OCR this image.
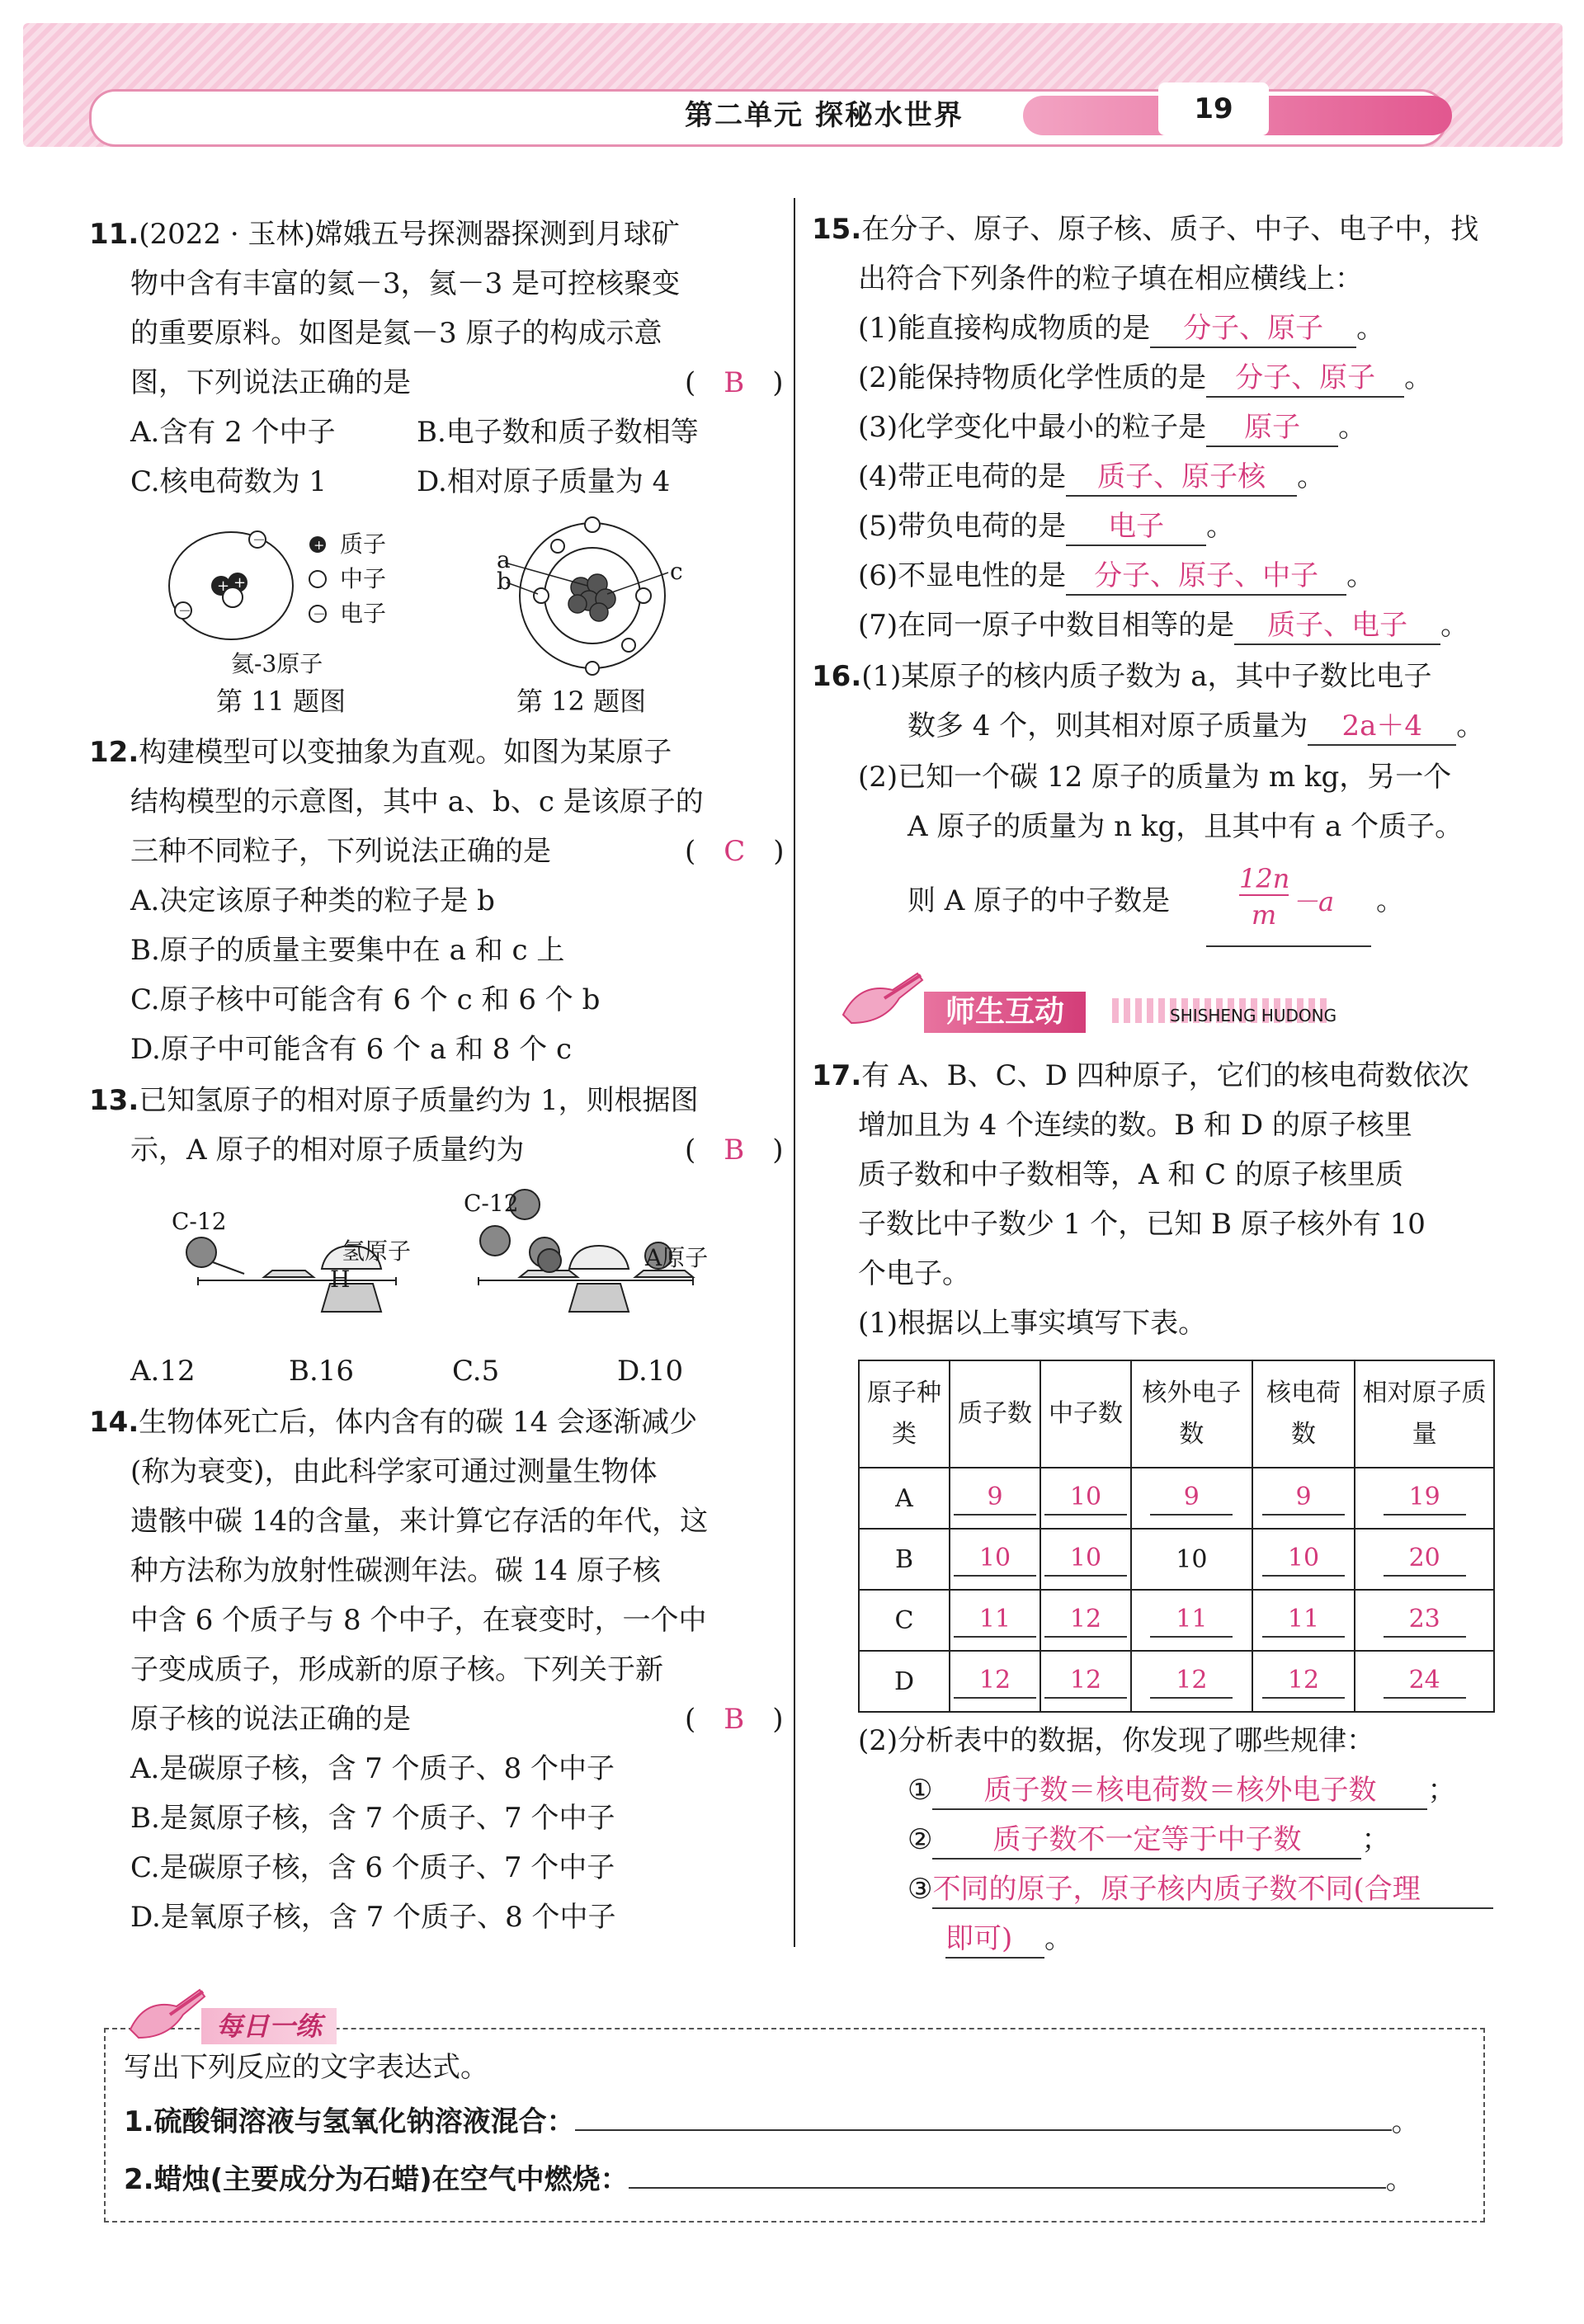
第二单元 探秘水世界	19
11.(2022 · 玉林)嫦娥五号探测器探测到月球矿
物中含有丰富的氦－3，氦－3 是可控核聚变
的重要原料。如图是氦－3 原子的构成示意
图，下列说法正确的是	(　B　)
A.含有 2 个中子	B.电子数和质子数相等
C.核电荷数为 1	D.相对原子质量为 4
+ +
－
－	+
－
质子
中子
电子
氦-3原子
第 11 题图
a
b	c
第 12 题图
12.构建模型可以变抽象为直观。如图为某原子
结构模型的示意图，其中 a、b、c 是该原子的
三种不同粒子，下列说法正确的是	(　C　)
A.决定该原子种类的粒子是 b
B.原子的质量主要集中在 a 和 c 上
C.原子核中可能含有 6 个 c 和 6 个 b
D.原子中可能含有 6 个 a 和 8 个 c
13.已知氢原子的相对原子质量约为 1，则根据图
示，A 原子的相对原子质量约为	(　B　)
C-12
氢原子
H
C-12
A原子
A.12	B.16	C.5	D.10
14.生物体死亡后，体内含有的碳 14 会逐渐减少
(称为衰变)，由此科学家可通过测量生物体
遗骸中碳 14的含量，来计算它存活的年代，这
种方法称为放射性碳测年法。碳 14 原子核
中含 6 个质子与 8 个中子，在衰变时，一个中
子变成质子，形成新的原子核。下列关于新
原子核的说法正确的是	(　B　)
A.是碳原子核，含 7 个质子、8 个中子
B.是氮原子核，含 7 个质子、7 个中子
C.是碳原子核，含 6 个质子、7 个中子
D.是氧原子核，含 7 个质子、8 个中子
15.在分子、原子、原子核、质子、中子、电子中，找
出符合下列条件的粒子填在相应横线上：
(1)能直接构成物质的是 分子、原子 。
(2)能保持物质化学性质的是 分子、原子 。
(3)化学变化中最小的粒子是 原子 。
(4)带正电荷的是 质子、原子核 。
(5)带负电荷的是 电子 。
(6)不显电性的是 分子、原子、中子 。
(7)在同一原子中数目相等的是 质子、电子 。
16.(1)某原子的核内质子数为 a，其中子数比电子
数多 4 个，则其相对原子质量为 2a＋4 。
(2)已知一个碳 12 原子的质量为 m kg，另一个
A 原子的质量为 n kg，且其中有 a 个质子。
则 A 原子的中子数是
12n
m －a 。
师生互动	SHISHENG HUDONG
17.有 A、B、C、D 四种原子，它们的核电荷数依次
增加且为 4 个连续的数。B 和 D 的原子核里
质子数和中子数相等，A 和 C 的原子核里质
子数比中子数少 1 个，已知 B 原子核外有 10
个电子。
(1)根据以上事实填写下表。
原子种类	质子数	中子数	核外电子数	核电荷数	相对原子质量
A	9	10	9	9	19
B	10	10	10	10	20
C	11	12	11	11	23
D	12	12	12	12	24
(2)分析表中的数据，你发现了哪些规律：
① 质子数＝核电荷数＝核外电子数 ；
② 质子数不一定等于中子数 ；
③不同的原子，原子核内质子数不同(合理
即可) 。
每日一练
写出下列反应的文字表达式。
1.硫酸铜溶液与氢氧化钠溶液混合：	。
2.蜡烛(主要成分为石蜡)在空气中燃烧：	。
